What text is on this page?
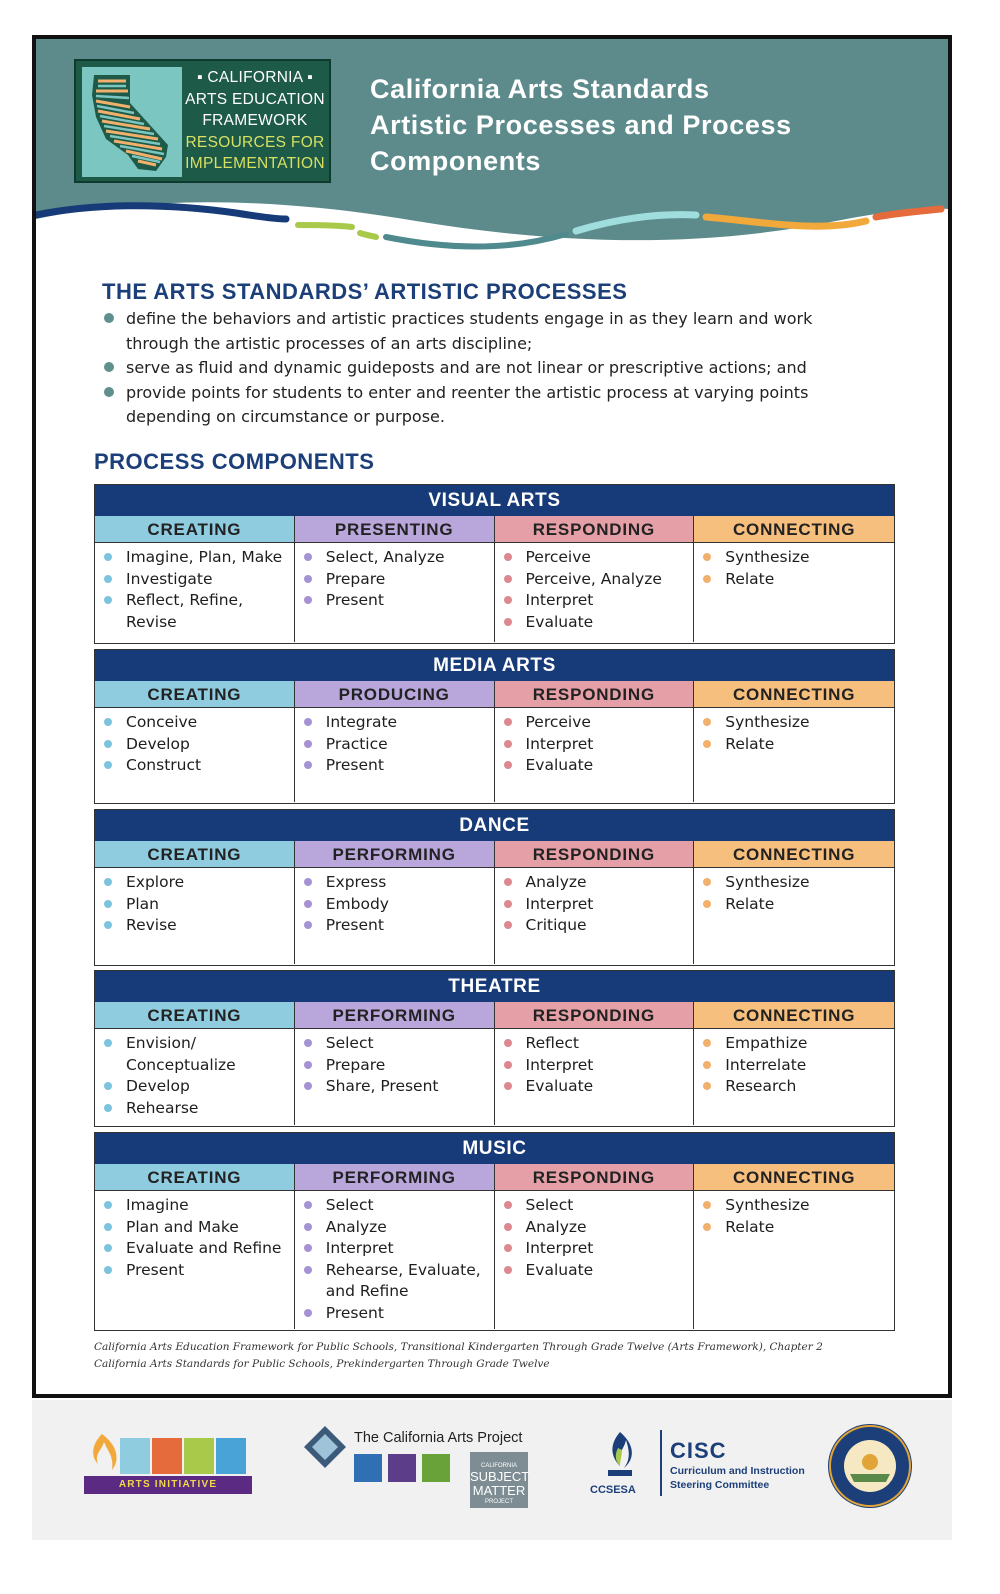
▪ CALIFORNIA ▪
ARTS EDUCATION
FRAMEWORK
RESOURCES FOR
IMPLEMENTATION
California Arts Standards
Artistic Processes and Process
Components
THE ARTS STANDARDS’ ARTISTIC PROCESSES
define the behaviors and artistic practices students engage in as they learn and work through the artistic processes of an arts discipline;
serve as fluid and dynamic guideposts and are not linear or prescriptive actions; and
provide points for students to enter and reenter the artistic process at varying points depending on circumstance or purpose.
PROCESS COMPONENTS
VISUAL ARTS
CREATING
Imagine, Plan, Make
Investigate
Reflect, Refine, Revise
PRESENTING
Select, Analyze
Prepare
Present
RESPONDING
Perceive
Perceive, Analyze
Interpret
Evaluate
CONNECTING
Synthesize
Relate
MEDIA ARTS
CREATING
Conceive
Develop
Construct
PRODUCING
Integrate
Practice
Present
RESPONDING
Perceive
Interpret
Evaluate
CONNECTING
Synthesize
Relate
DANCE
CREATING
Explore
Plan
Revise
PERFORMING
Express
Embody
Present
RESPONDING
Analyze
Interpret
Critique
CONNECTING
Synthesize
Relate
THEATRE
CREATING
Envision/ Conceptualize
Develop
Rehearse
PERFORMING
Select
Prepare
Share, Present
RESPONDING
Reflect
Interpret
Evaluate
CONNECTING
Empathize
Interrelate
Research
MUSIC
CREATING
Imagine
Plan and Make
Evaluate and Refine
Present
PERFORMING
Select
Analyze
Interpret
Rehearse, Evaluate, and Refine
Present
RESPONDING
Select
Analyze
Interpret
Evaluate
CONNECTING
Synthesize
Relate
California Arts Education Framework for Public Schools, Transitional Kindergarten Through Grade Twelve (Arts Framework), Chapter 2
California Arts Standards for Public Schools, Prekindergarten Through Grade Twelve
ARTS INITIATIVE
The California Arts Project
CALIFORNIA
SUBJECT
MATTER
PROJECT
CCSESA
CISC
Curriculum and Instruction
Steering Committee
